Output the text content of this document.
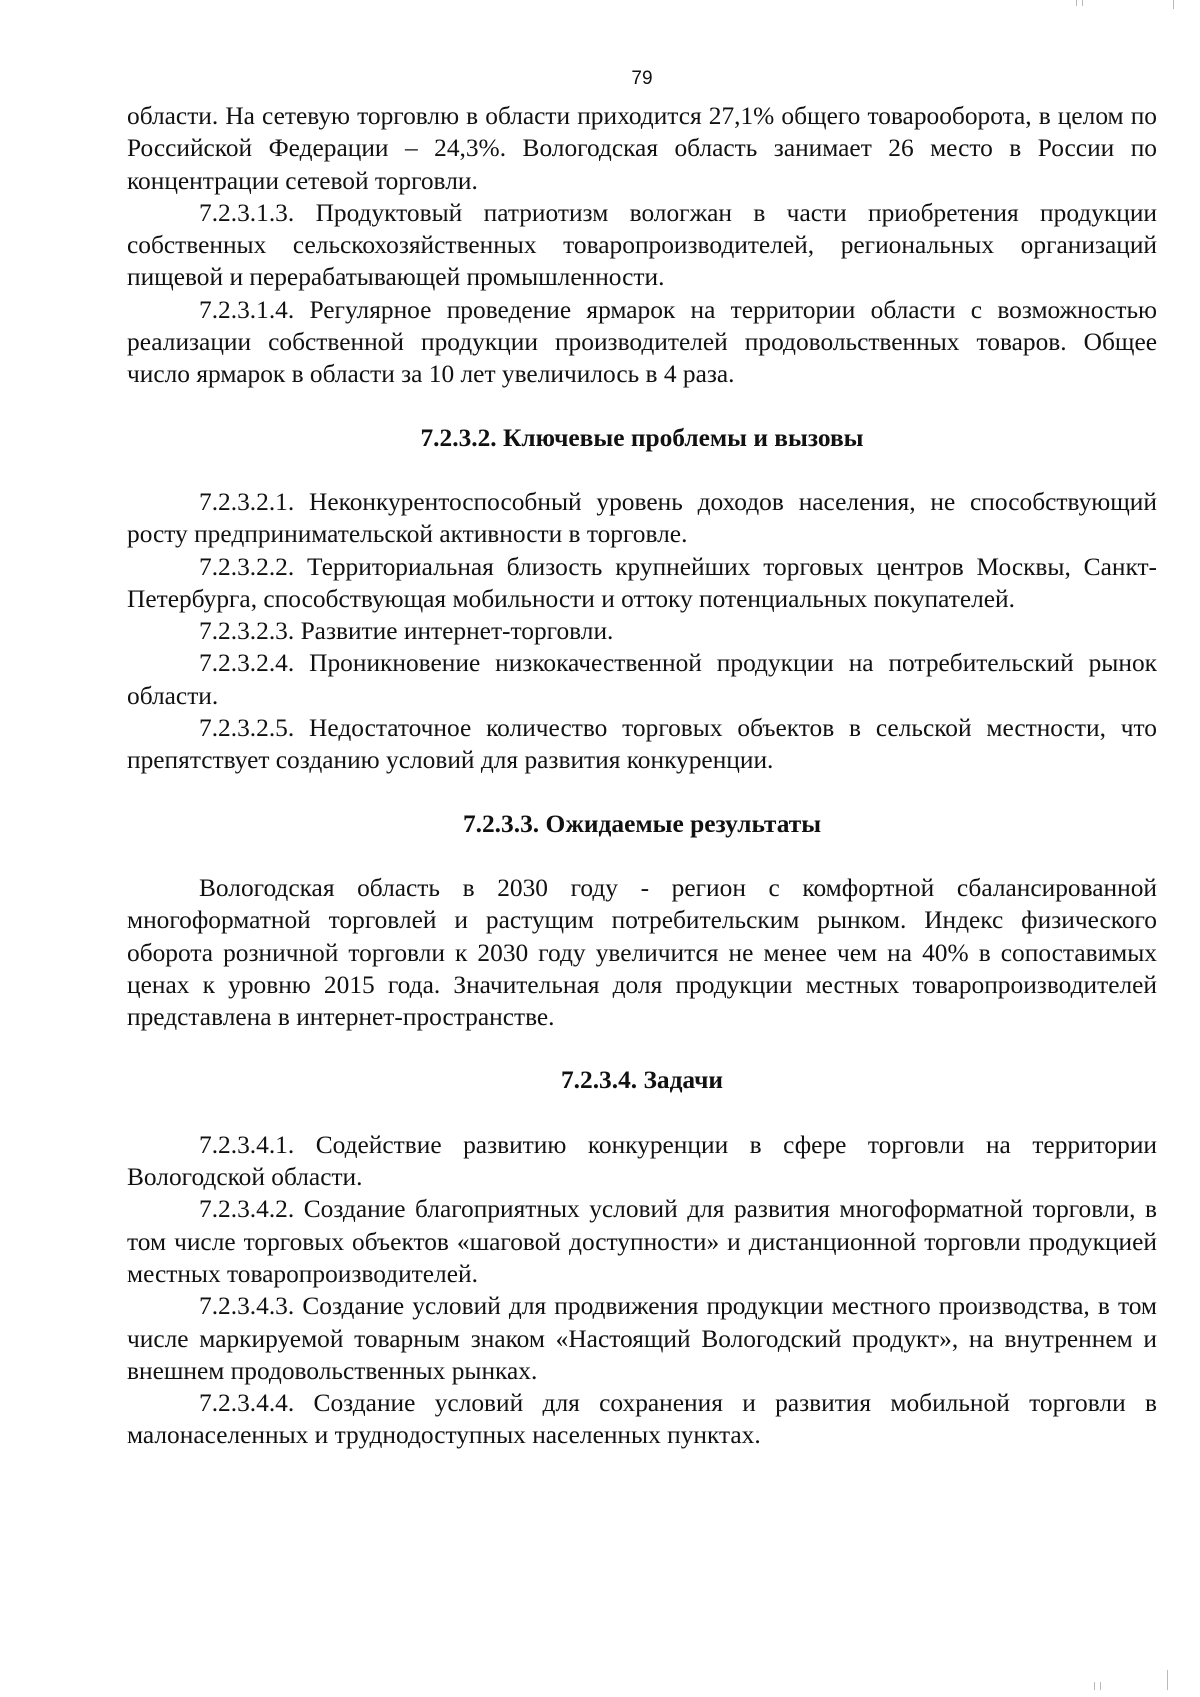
79

области. На сетевую торговлю в области приходится 27,1% общего товарооборота, в целом по Российской Федерации – 24,3%. Вологодская область занимает 26 место в России по концентрации сетевой торговли.

7.2.3.1.3. Продуктовый патриотизм вологжан в части приобретения продукции собственных сельскохозяйственных товаропроизводителей, региональных организаций пищевой и перерабатывающей промышленности.

7.2.3.1.4. Регулярное проведение ярмарок на территории области с возможностью реализации собственной продукции производителей продовольственных товаров. Общее число ярмарок в области за 10 лет увеличилось в 4 раза.

7.2.3.2. Ключевые проблемы и вызовы

7.2.3.2.1. Неконкурентоспособный уровень доходов населения, не способствующий росту предпринимательской активности в торговле.

7.2.3.2.2. Территориальная близость крупнейших торговых центров Москвы, Санкт-Петербурга, способствующая мобильности и оттоку потенциальных покупателей.

7.2.3.2.3. Развитие интернет-торговли.

7.2.3.2.4. Проникновение низкокачественной продукции на потребительский рынок области.

7.2.3.2.5. Недостаточное количество торговых объектов в сельской местности, что препятствует созданию условий для развития конкуренции.

7.2.3.3. Ожидаемые результаты

Вологодская область в 2030 году - регион с комфортной сбалансированной многоформатной торговлей и растущим потребительским рынком. Индекс физического оборота розничной торговли к 2030 году увеличится не менее чем на 40% в сопоставимых ценах к уровню 2015 года. Значительная доля продукции местных товаропроизводителей представлена в интернет-пространстве.

7.2.3.4. Задачи

7.2.3.4.1. Содействие развитию конкуренции в сфере торговли на территории Вологодской области.

7.2.3.4.2. Создание благоприятных условий для развития многоформатной торговли, в том числе торговых объектов «шаговой доступности» и дистанционной торговли продукцией местных товаропроизводителей.

7.2.3.4.3. Создание условий для продвижения продукции местного производства, в том числе маркируемой товарным знаком «Настоящий Вологодский продукт», на внутреннем и внешнем продовольственных рынках.

7.2.3.4.4. Создание условий для сохранения и развития мобильной торговли в малонаселенных и труднодоступных населенных пунктах.
